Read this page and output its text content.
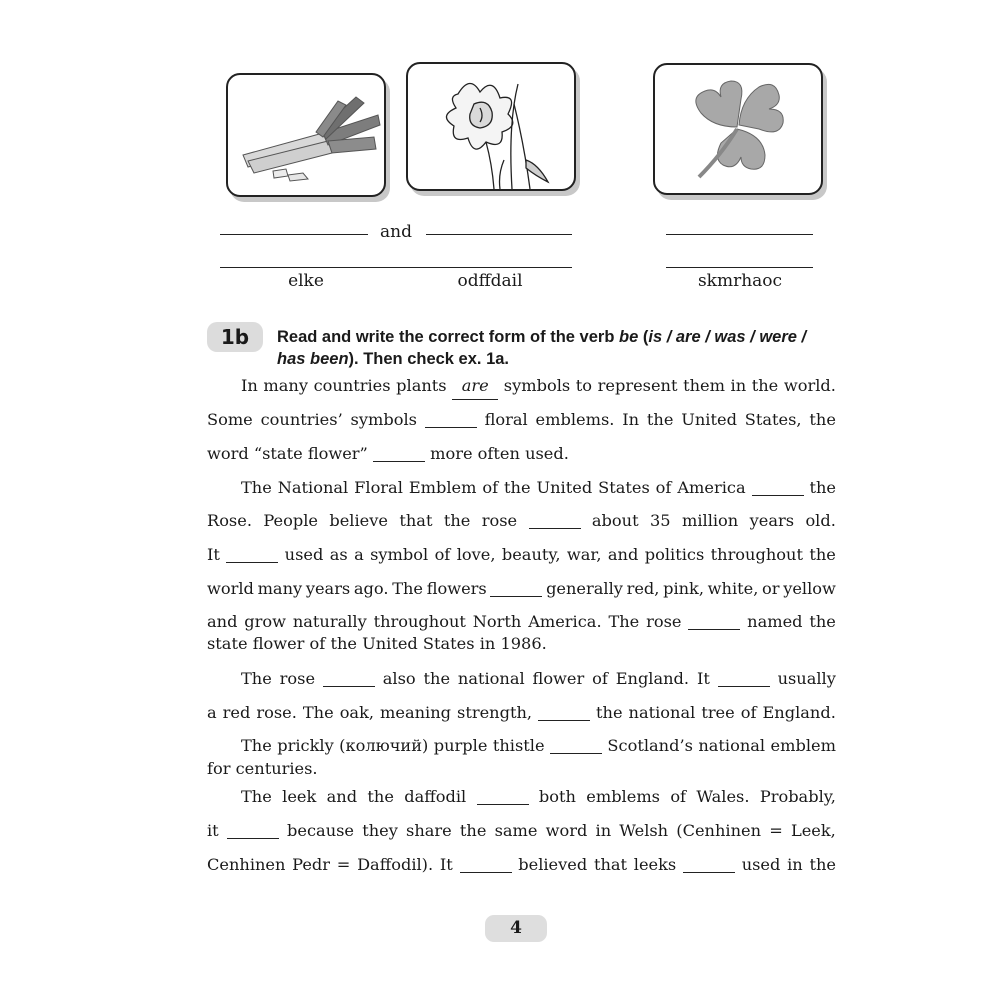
and
elke	odffdail	skmrhaoc
1b	Read and write the correct form of the verb be (is / are / was / were / has been). Then check ex. 1a.
In many countries plants are symbols to represent them in the world.
Some countries’ symbols	floral emblems. In the United States, the
word “state flower”	more often used.
The National Floral Emblem of the United States of America	the
Rose. People believe that the rose	about 35 million years old.
It	used as a symbol of love, beauty, war, and politics throughout the
world many years ago. The flowers	generally red, pink, white, or yellow
and grow naturally throughout North America. The rose	named the
state flower of the United States in 1986.
The rose	also the national flower of England. It	usually
a red rose. The oak, meaning strength,	the national tree of England.
The prickly (колючий) purple thistle	Scotland’s national emblem
for centuries.
The leek and the daffodil	both emblems of Wales. Probably,
it	because they share the same word in Welsh (Cenhinen = Leek,
Cenhinen Pedr = Daffodil). It	believed that leeks	used in the
4
